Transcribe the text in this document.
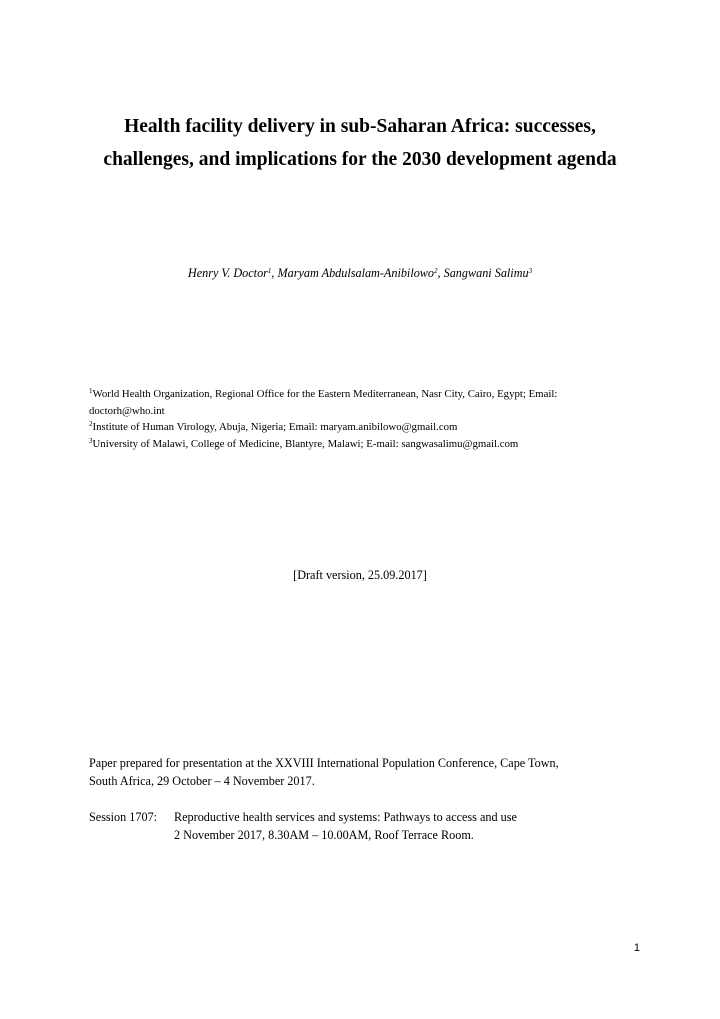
Health facility delivery in sub-Saharan Africa: successes,
challenges, and implications for the 2030 development agenda
Henry V. Doctor$^1$, Maryam Abdulsalam-Anibilowo$^2$, Sangwani Salimu$^3$
$^1$World Health Organization, Regional Office for the Eastern Mediterranean, Nasr City, Cairo, Egypt; Email:
doctorh@who.int
$^2$Institute of Human Virology, Abuja, Nigeria; Email: maryam.anibilowo@gmail.com
$^3$University of Malawi, College of Medicine, Blantyre, Malawi; E-mail: sangwasalimu@gmail.com
[Draft version, 25.09.2017]
Paper prepared for presentation at the XXVIII International Population Conference, Cape Town,
South Africa, 29 October – 4 November 2017.
Session 1707:	Reproductive health services and systems: Pathways to access and use
2 November 2017, 8.30AM – 10.00AM, Roof Terrace Room.
1
